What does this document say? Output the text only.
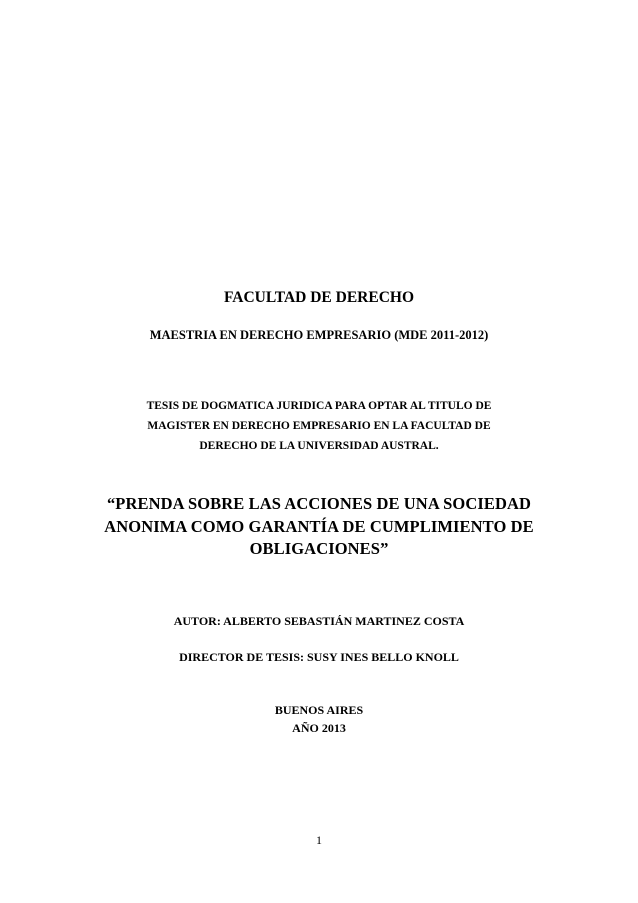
FACULTAD DE DERECHO
MAESTRIA EN DERECHO EMPRESARIO (MDE 2011-2012)
TESIS DE DOGMATICA JURIDICA PARA OPTAR AL TITULO DE
MAGISTER EN DERECHO EMPRESARIO EN LA FACULTAD DE
DERECHO DE LA UNIVERSIDAD AUSTRAL.
“PRENDA SOBRE LAS ACCIONES DE UNA SOCIEDAD
ANONIMA COMO GARANTÍA DE CUMPLIMIENTO DE
OBLIGACIONES”
AUTOR: ALBERTO SEBASTIÁN MARTINEZ COSTA
DIRECTOR DE TESIS: SUSY INES BELLO KNOLL
BUENOS AIRES
AÑO 2013
1
